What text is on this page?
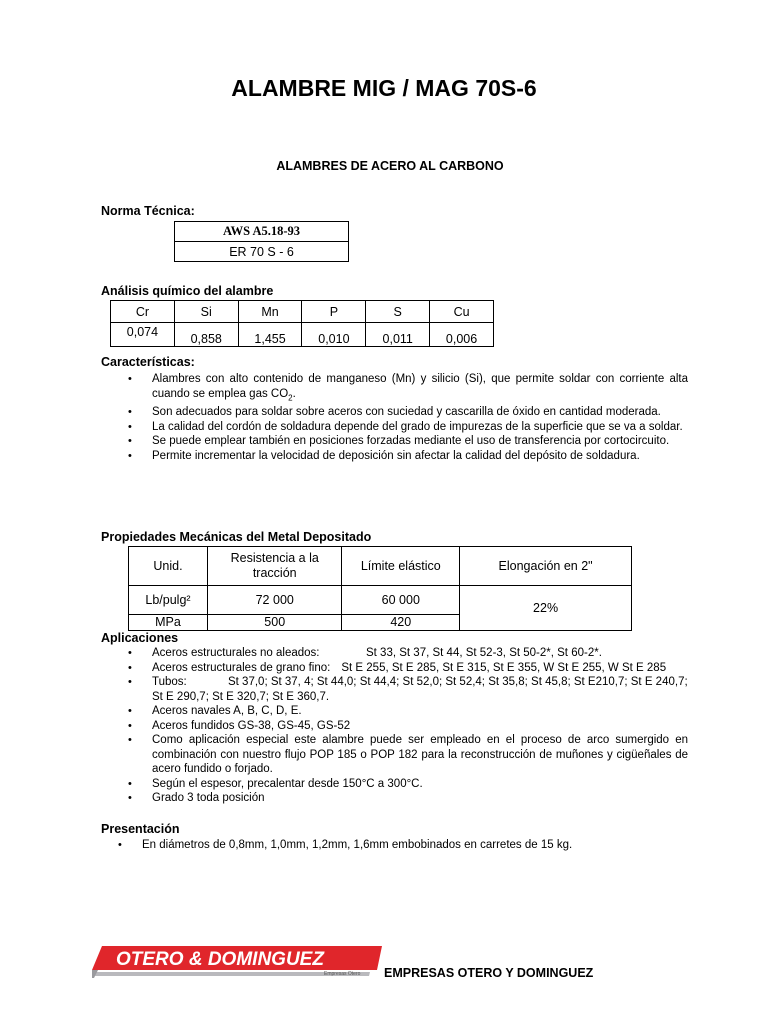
ALAMBRE MIG / MAG 70S-6
ALAMBRES DE ACERO AL CARBONO
Norma Técnica:
AWS A5.18-93
ER 70 S - 6
Análisis químico del alambre
Cr	Si	Mn	P	S	Cu
0,074	0,858	1,455	0,010	0,011	0,006
Características:
• Alambres con alto contenido de manganeso (Mn) y silicio (Si), que permite soldar con corriente alta cuando se emplea gas $CO_2$.
• Son adecuados para soldar sobre aceros con suciedad y cascarilla de óxido en cantidad moderada.
• La calidad del cordón de soldadura depende del grado de impurezas de la superficie que se va a soldar.
• Se puede emplear también en posiciones forzadas mediante el uso de transferencia por cortocircuito.
• Permite incrementar la velocidad de deposición sin afectar la calidad del depósito de soldadura.
Propiedades Mecánicas del Metal Depositado
Unid.	Resistencia a la tracción	Límite elástico	Elongación en 2"
Lb/pulg²	72 000	60 000	22%
MPa	500	420	
Aplicaciones
• Aceros estructurales no aleados:	St 33, St 37, St 44, St 52-3, St 50-2*, St 60-2*.
• Aceros estructurales de grano fino: St E 255, St E 285, St E 315, St E 355, W St E 255, W St E 285
• Tubos:	St 37,0; St 37, 4; St 44,0; St 44,4; St 52,0; St 52,4; St 35,8; St 45,8; St E210,7; St E 240,7; St E 290,7; St E 320,7; St E 360,7.
• Aceros navales A, B, C, D, E.
• Aceros fundidos GS-38, GS-45, GS-52
• Como aplicación especial este alambre puede ser empleado en el proceso de arco sumergido en combinación con nuestro flujo POP 185 o POP 182 para la reconstrucción de muñones y cigüeñales de acero fundido o forjado.
• Según el espesor, precalentar desde 150°C a 300°C.
• Grado 3 toda posición
Presentación
• En diámetros de 0,8mm, 1,0mm, 1,2mm, 1,6mm embobinados en carretes de 15 kg.
OTERO & DOMINGUEZ
Empresas Otero EMPRESAS OTERO Y DOMINGUEZ
